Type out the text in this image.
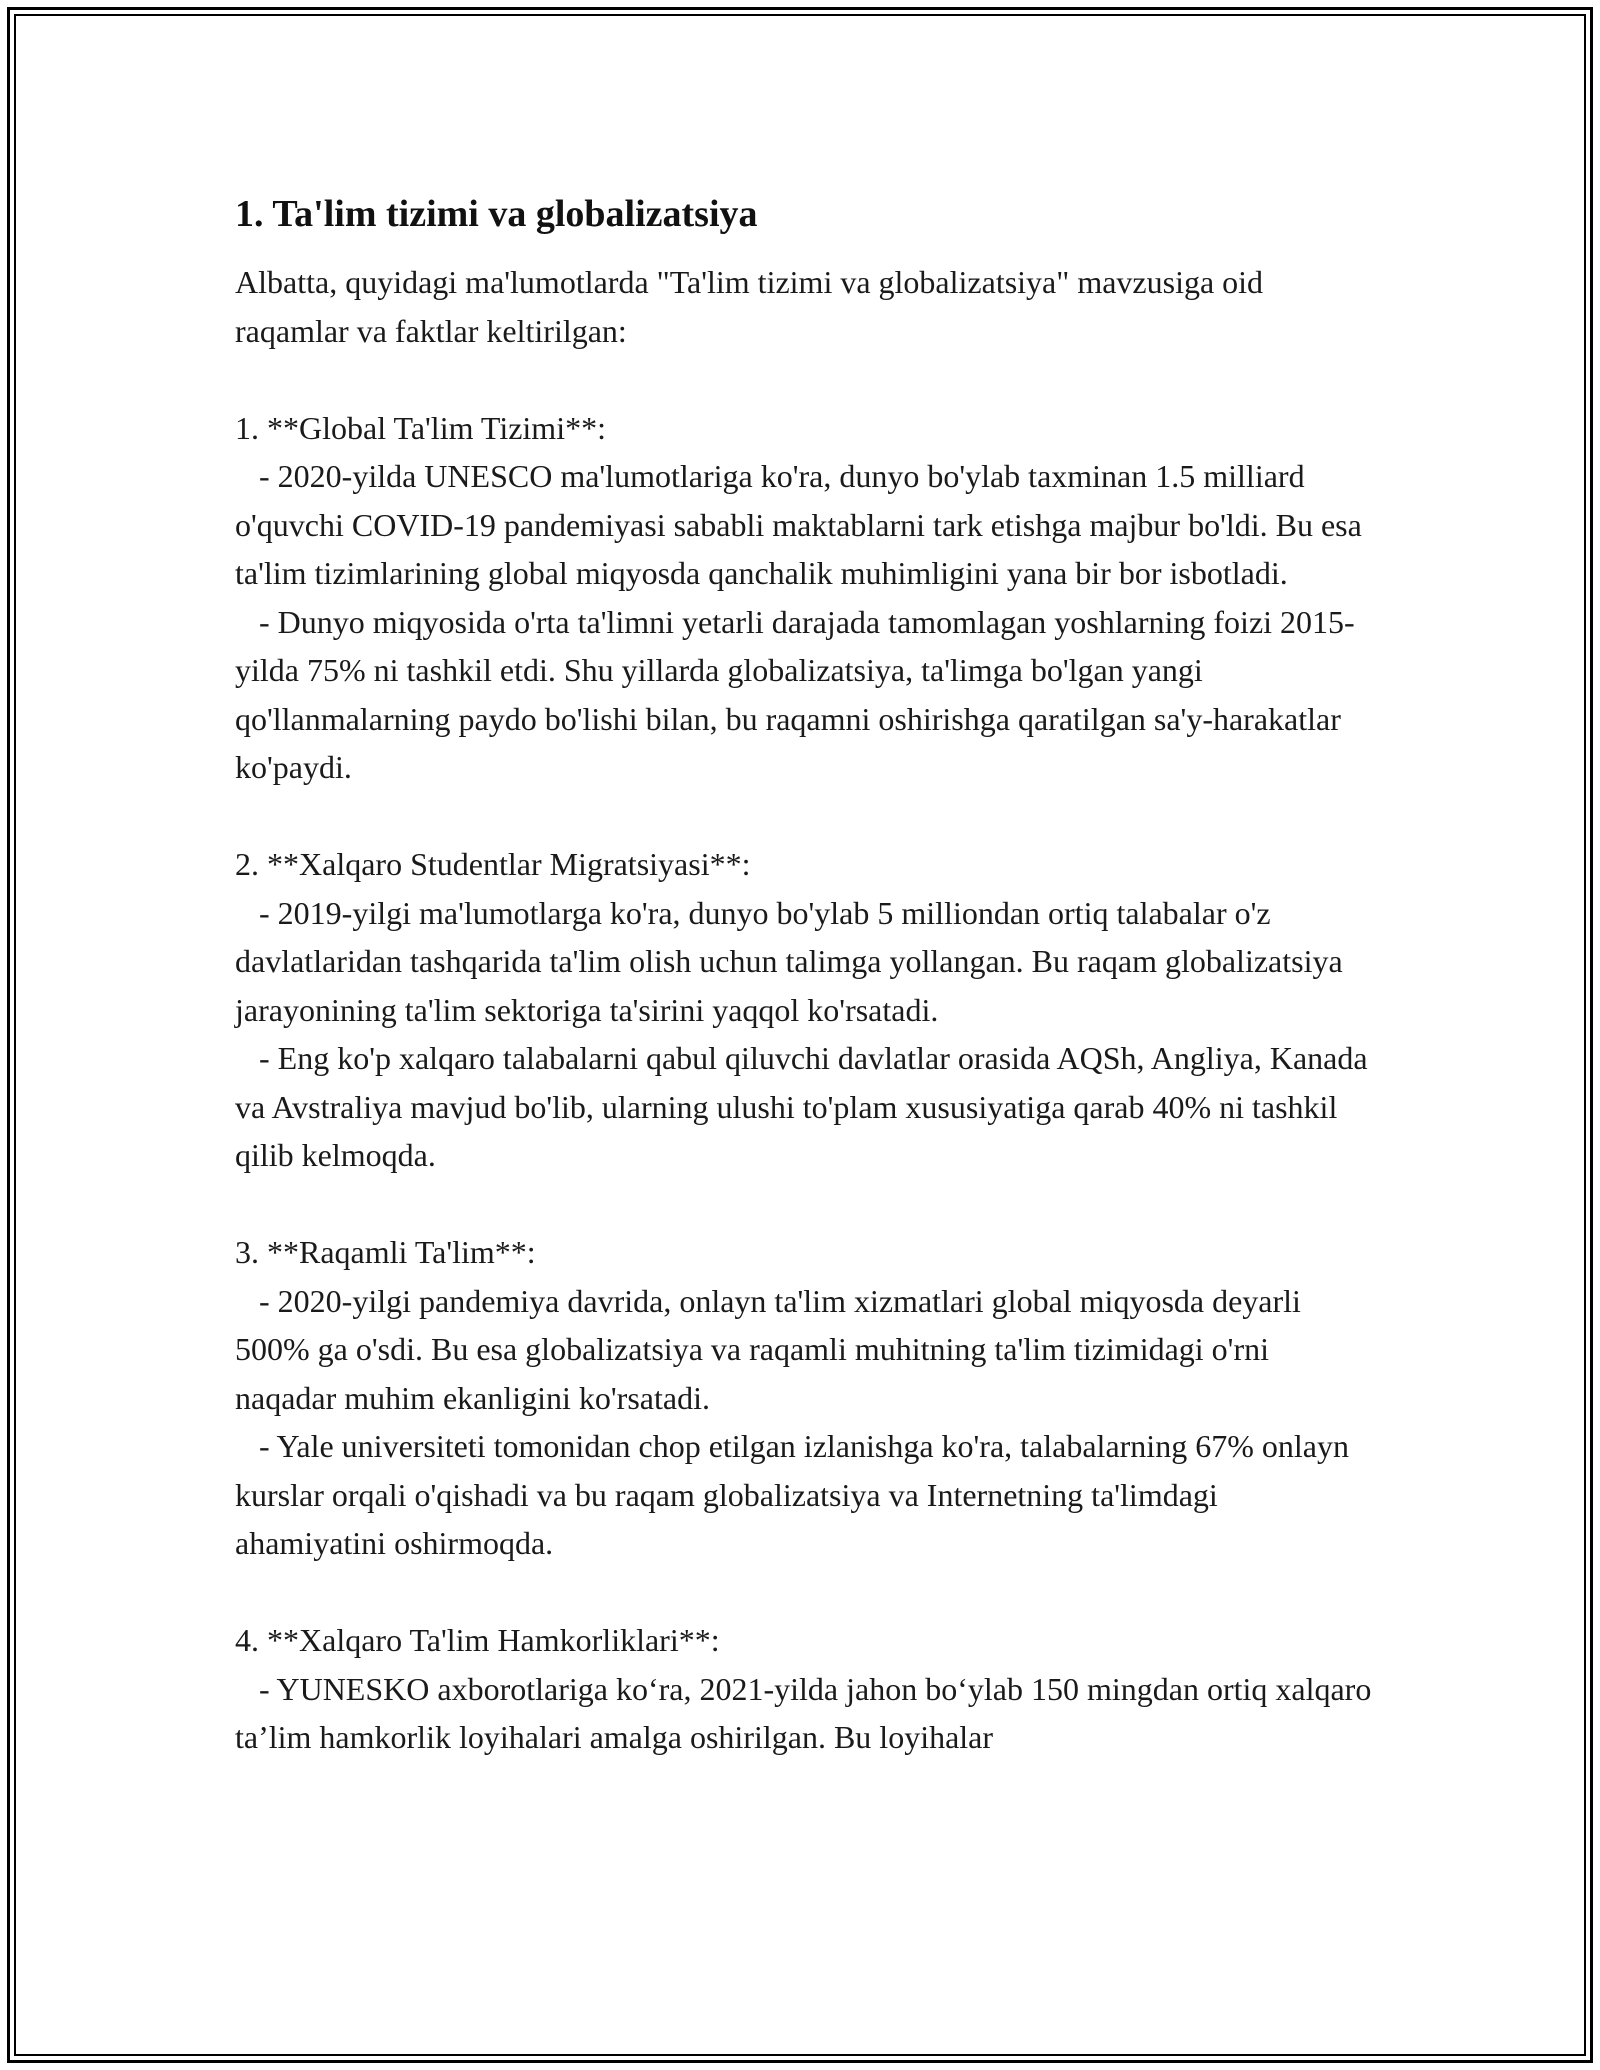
1. Ta'lim tizimi va globalizatsiya

Albatta, quyidagi ma'lumotlarda "Ta'lim tizimi va globalizatsiya" mavzusiga oid raqamlar va faktlar keltirilgan:

1. **Global Ta'lim Tizimi**:

- 2020-yilda UNESCO ma'lumotlariga ko'ra, dunyo bo'ylab taxminan 1.5 milliard o'quvchi COVID-19 pandemiyasi sababli maktablarni tark etishga majbur bo'ldi. Bu esa ta'lim tizimlarining global miqyosda qanchalik muhimligini yana bir bor isbotladi.

- Dunyo miqyosida o'rta ta'limni yetarli darajada tamomlagan yoshlarning foizi 2015-yilda 75% ni tashkil etdi. Shu yillarda globalizatsiya, ta'limga bo'lgan yangi qo'llanmalarning paydo bo'lishi bilan, bu raqamni oshirishga qaratilgan sa'y-harakatlar ko'paydi.

2. **Xalqaro Studentlar Migratsiyasi**:

- 2019-yilgi ma'lumotlarga ko'ra, dunyo bo'ylab 5 milliondan ortiq talabalar o'z davlatlaridan tashqarida ta'lim olish uchun talimga yollangan. Bu raqam globalizatsiya jarayonining ta'lim sektoriga ta'sirini yaqqol ko'rsatadi.

- Eng ko'p xalqaro talabalarni qabul qiluvchi davlatlar orasida AQSh, Angliya, Kanada va Avstraliya mavjud bo'lib, ularning ulushi to'plam xususiyatiga qarab 40% ni tashkil qilib kelmoqda.

3. **Raqamli Ta'lim**:

- 2020-yilgi pandemiya davrida, onlayn ta'lim xizmatlari global miqyosda deyarli 500% ga o'sdi. Bu esa globalizatsiya va raqamli muhitning ta'lim tizimidagi o'rni naqadar muhim ekanligini ko'rsatadi.

- Yale universiteti tomonidan chop etilgan izlanishga ko'ra, talabalarning 67% onlayn kurslar orqali o'qishadi va bu raqam globalizatsiya va Internetning ta'limdagi ahamiyatini oshirmoqda.

4. **Xalqaro Ta'lim Hamkorliklari**:

- YUNESKO axborotlariga ko‘ra, 2021-yilda jahon bo‘ylab 150 mingdan ortiq xalqaro ta’lim hamkorlik loyihalari amalga oshirilgan. Bu loyihalar
